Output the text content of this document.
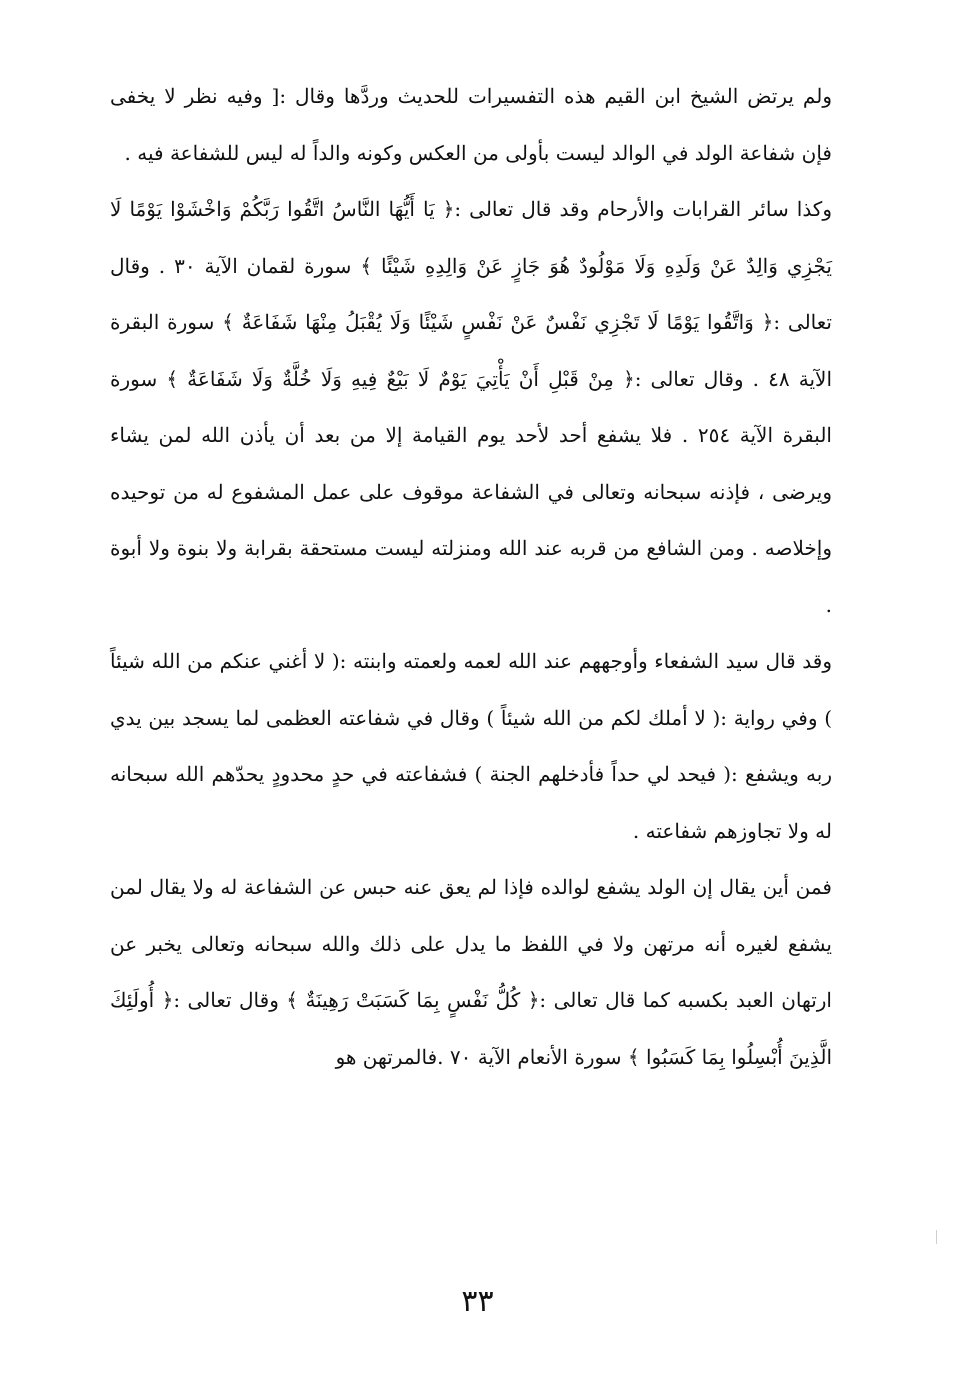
ولم يرتض الشيخ ابن القيم هذه التفسيرات للحديث وردَّها وقال :[ وفيه نظر لا يخفى فإن شفاعة الولد في الوالد ليست بأولى من العكس وكونه والداً له ليس للشفاعة فيه .

وكذا سائر القرابات والأرحام وقد قال تعالى :﴿ يَا أَيُّهَا النَّاسُ اتَّقُوا رَبَّكُمْ وَاخْشَوْا يَوْمًا لَا يَجْزِي وَالِدٌ عَنْ وَلَدِهِ وَلَا مَوْلُودٌ هُوَ جَازٍ عَنْ وَالِدِهِ شَيْئًا ﴾ سورة لقمان الآية ٣٠ . وقال تعالى :﴿ وَاتَّقُوا يَوْمًا لَا تَجْزِي نَفْسٌ عَنْ نَفْسٍ شَيْئًا وَلَا يُقْبَلُ مِنْهَا شَفَاعَةٌ ﴾ سورة البقرة الآية ٤٨ . وقال تعالى :﴿ مِنْ قَبْلِ أَنْ يَأْتِيَ يَوْمٌ لَا بَيْعٌ فِيهِ وَلَا خُلَّةٌ وَلَا شَفَاعَةٌ ﴾ سورة البقرة الآية ٢٥٤ . فلا يشفع أحد لأحد يوم القيامة إلا من بعد أن يأذن الله لمن يشاء ويرضى ، فإذنه سبحانه وتعالى في الشفاعة موقوف على عمل المشفوع له من توحيده وإخلاصه . ومن الشافع من قربه عند الله ومنزلته ليست مستحقة بقرابة ولا بنوة ولا أبوة .

وقد قال سيد الشفعاء وأوجههم عند الله لعمه ولعمته وابنته :( لا أغني عنكم من الله شيئاً ) وفي رواية :( لا أملك لكم من الله شيئاً ) وقال في شفاعته العظمى لما يسجد بين يدي ربه ويشفع :( فيحد لي حداً فأدخلهم الجنة ) فشفاعته في حدٍ محدودٍ يحدّهم الله سبحانه له ولا تجاوزهم شفاعته .

فمن أين يقال إن الولد يشفع لوالده فإذا لم يعق عنه حبس عن الشفاعة له ولا يقال لمن يشفع لغيره أنه مرتهن ولا في اللفظ ما يدل على ذلك والله سبحانه وتعالى يخبر عن ارتهان العبد بكسبه كما قال تعالى :﴿ كُلُّ نَفْسٍ بِمَا كَسَبَتْ رَهِينَةٌ ﴾ وقال تعالى :﴿ أُولَئِكَ الَّذِينَ أُبْسِلُوا بِمَا كَسَبُوا ﴾ سورة الأنعام الآية ٧٠ .فالمرتهن هو

٣٣
